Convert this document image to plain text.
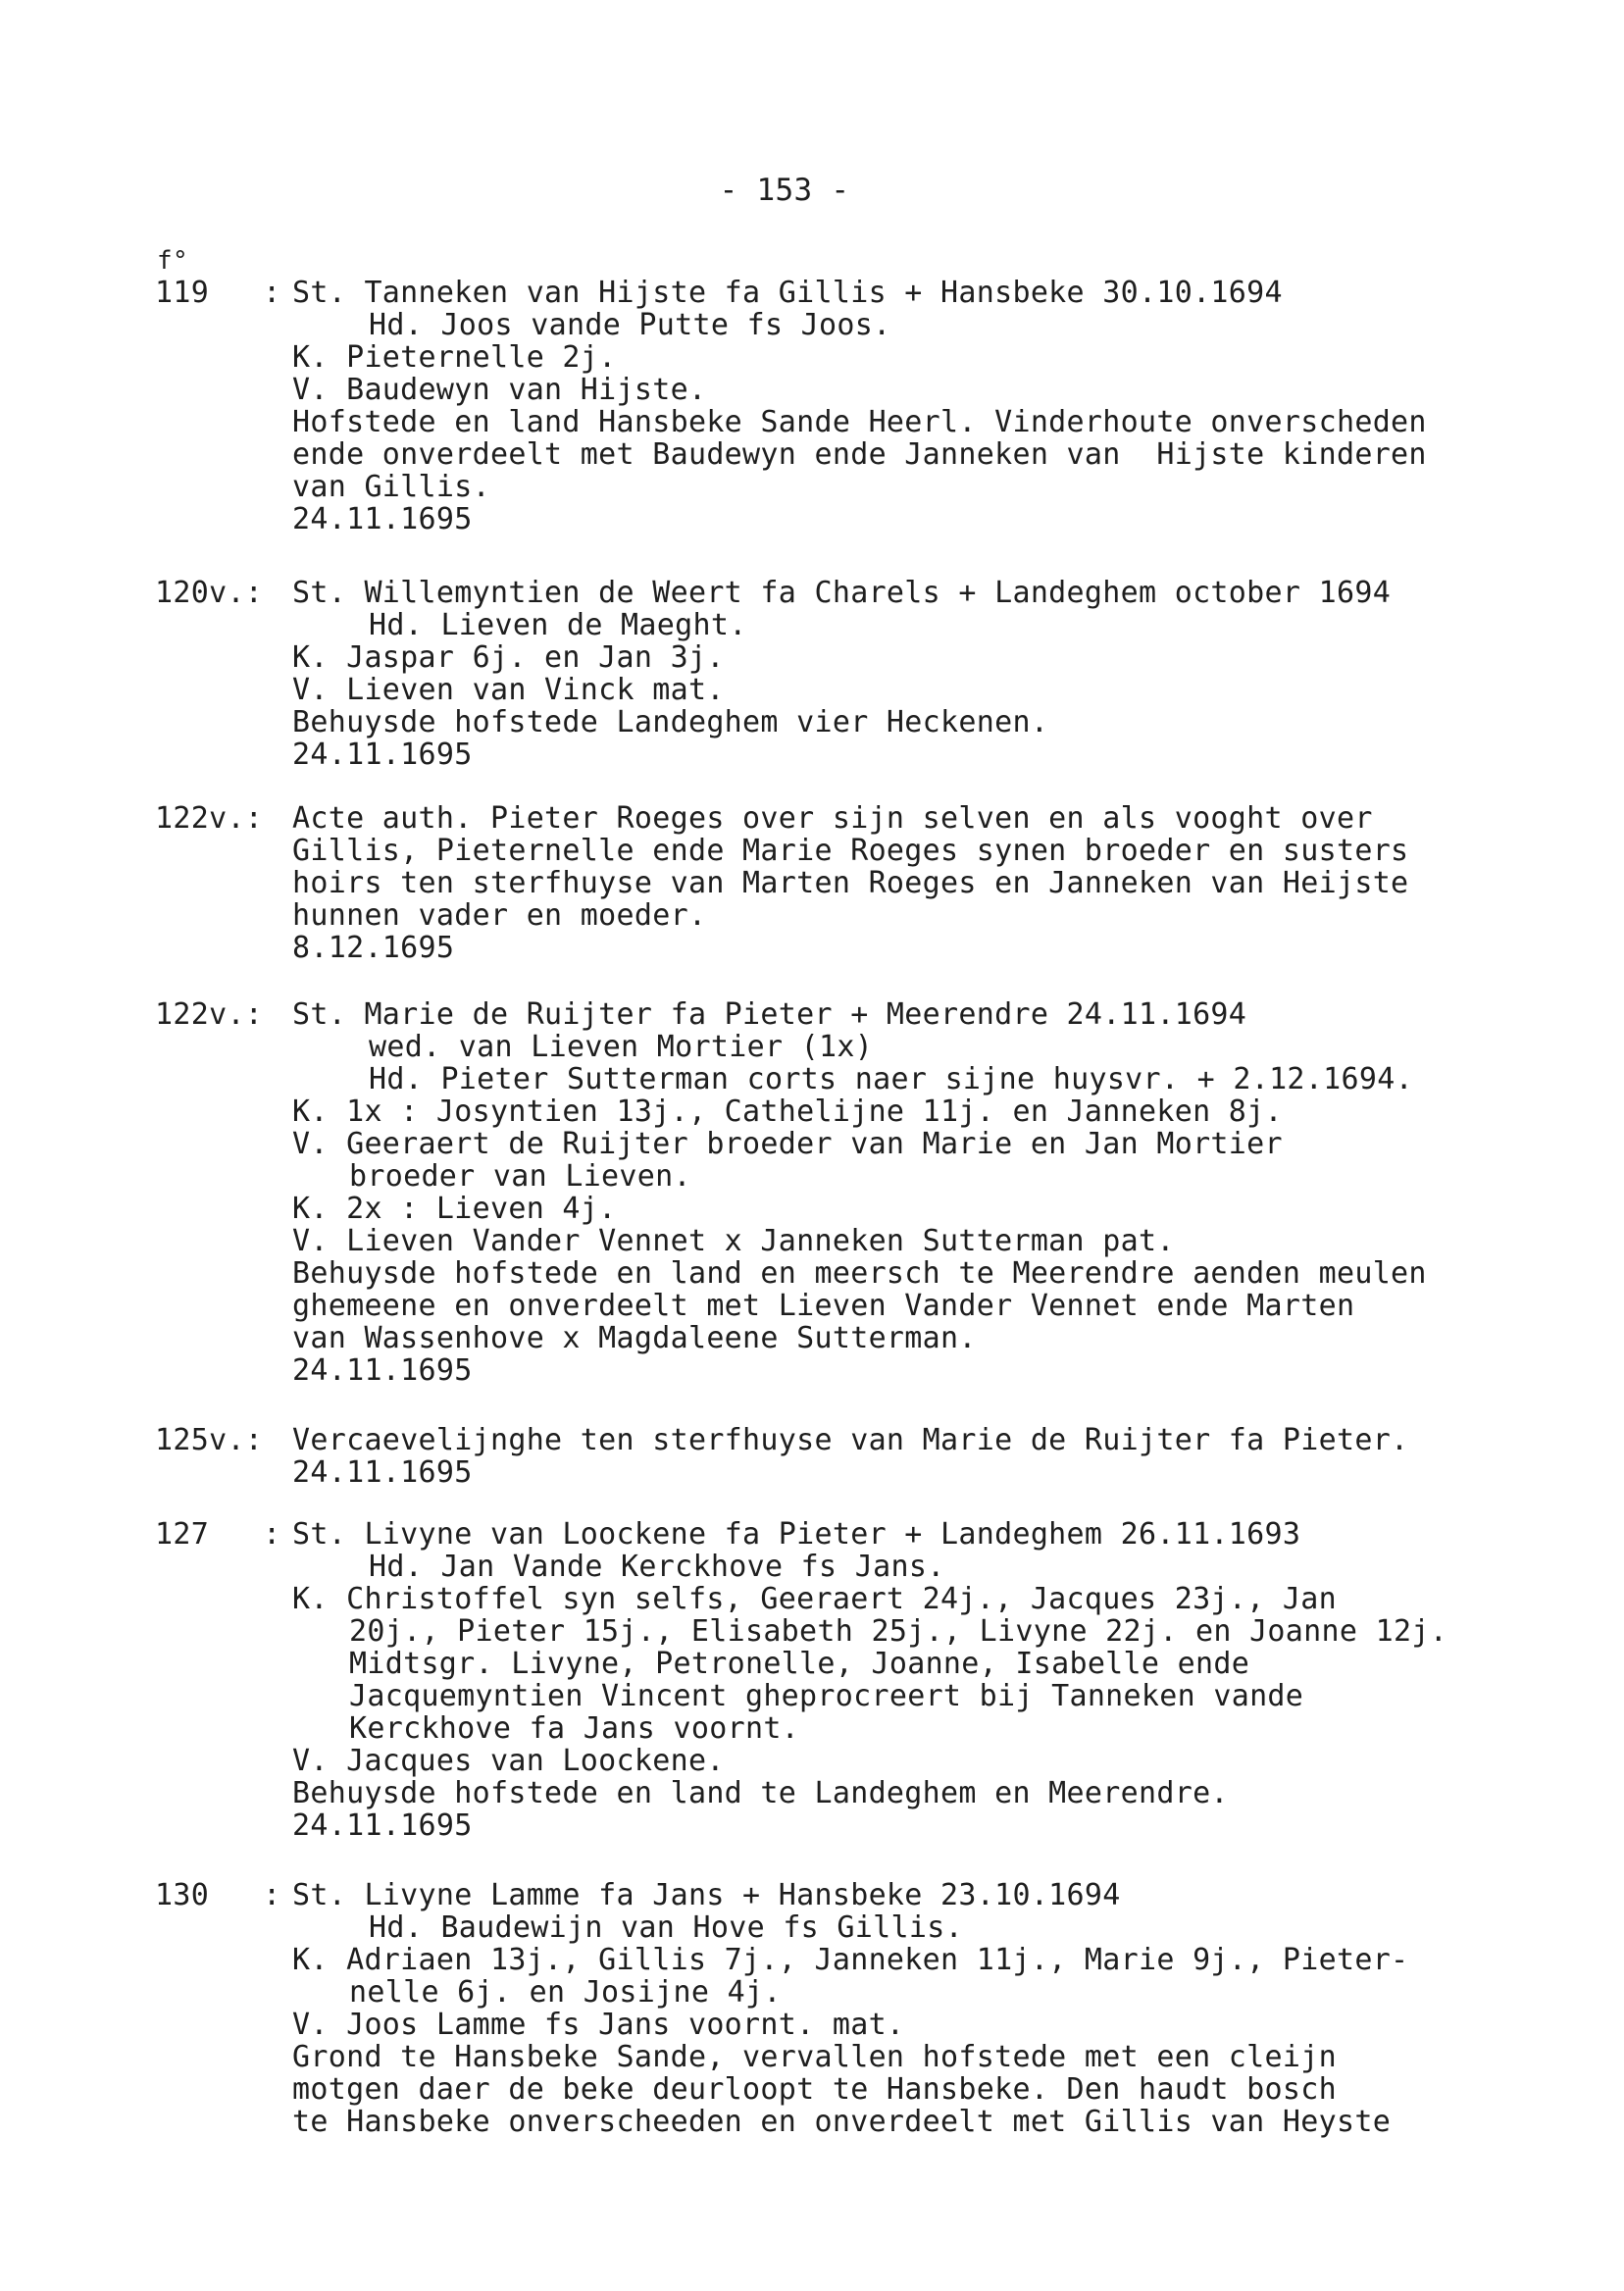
- 153 -
f°
119   : St. Tanneken van Hijste fa Gillis + Hansbeke 30.10.1694
Hd. Joos vande Putte fs Joos.
K. Pieternelle 2j.
V. Baudewyn van Hijste.
Hofstede en land Hansbeke Sande Heerl. Vinderhoute onverscheden
ende onverdeelt met Baudewyn ende Janneken van  Hijste kinderen
van Gillis.
24.11.1695
120v.: St. Willemyntien de Weert fa Charels + Landeghem october 1694
Hd. Lieven de Maeght.
K. Jaspar 6j. en Jan 3j.
V. Lieven van Vinck mat.
Behuysde hofstede Landeghem vier Heckenen.
24.11.1695
122v.: Acte auth. Pieter Roeges over sijn selven en als vooght over
Gillis, Pieternelle ende Marie Roeges synen broeder en susters
hoirs ten sterfhuyse van Marten Roeges en Janneken van Heijste
hunnen vader en moeder.
8.12.1695
122v.: St. Marie de Ruijter fa Pieter + Meerendre 24.11.1694
wed. van Lieven Mortier (1x)
Hd. Pieter Sutterman corts naer sijne huysvr. + 2.12.1694.
K. 1x : Josyntien 13j., Cathelijne 11j. en Janneken 8j.
V. Geeraert de Ruijter broeder van Marie en Jan Mortier
broeder van Lieven.
K. 2x : Lieven 4j.
V. Lieven Vander Vennet x Janneken Sutterman pat.
Behuysde hofstede en land en meersch te Meerendre aenden meulen
ghemeene en onverdeelt met Lieven Vander Vennet ende Marten
van Wassenhove x Magdaleene Sutterman.
24.11.1695
125v.: Vercaevelijnghe ten sterfhuyse van Marie de Ruijter fa Pieter.
24.11.1695
127   : St. Livyne van Loockene fa Pieter + Landeghem 26.11.1693
Hd. Jan Vande Kerckhove fs Jans.
K. Christoffel syn selfs, Geeraert 24j., Jacques 23j., Jan
20j., Pieter 15j., Elisabeth 25j., Livyne 22j. en Joanne 12j.
Midtsgr. Livyne, Petronelle, Joanne, Isabelle ende
Jacquemyntien Vincent gheprocreert bij Tanneken vande
Kerckhove fa Jans voornt.
V. Jacques van Loockene.
Behuysde hofstede en land te Landeghem en Meerendre.
24.11.1695
130   : St. Livyne Lamme fa Jans + Hansbeke 23.10.1694
Hd. Baudewijn van Hove fs Gillis.
K. Adriaen 13j., Gillis 7j., Janneken 11j., Marie 9j., Pieter-
nelle 6j. en Josijne 4j.
V. Joos Lamme fs Jans voornt. mat.
Grond te Hansbeke Sande, vervallen hofstede met een cleijn
motgen daer de beke deurloopt te Hansbeke. Den haudt bosch
te Hansbeke onverscheeden en onverdeelt met Gillis van Heyste
